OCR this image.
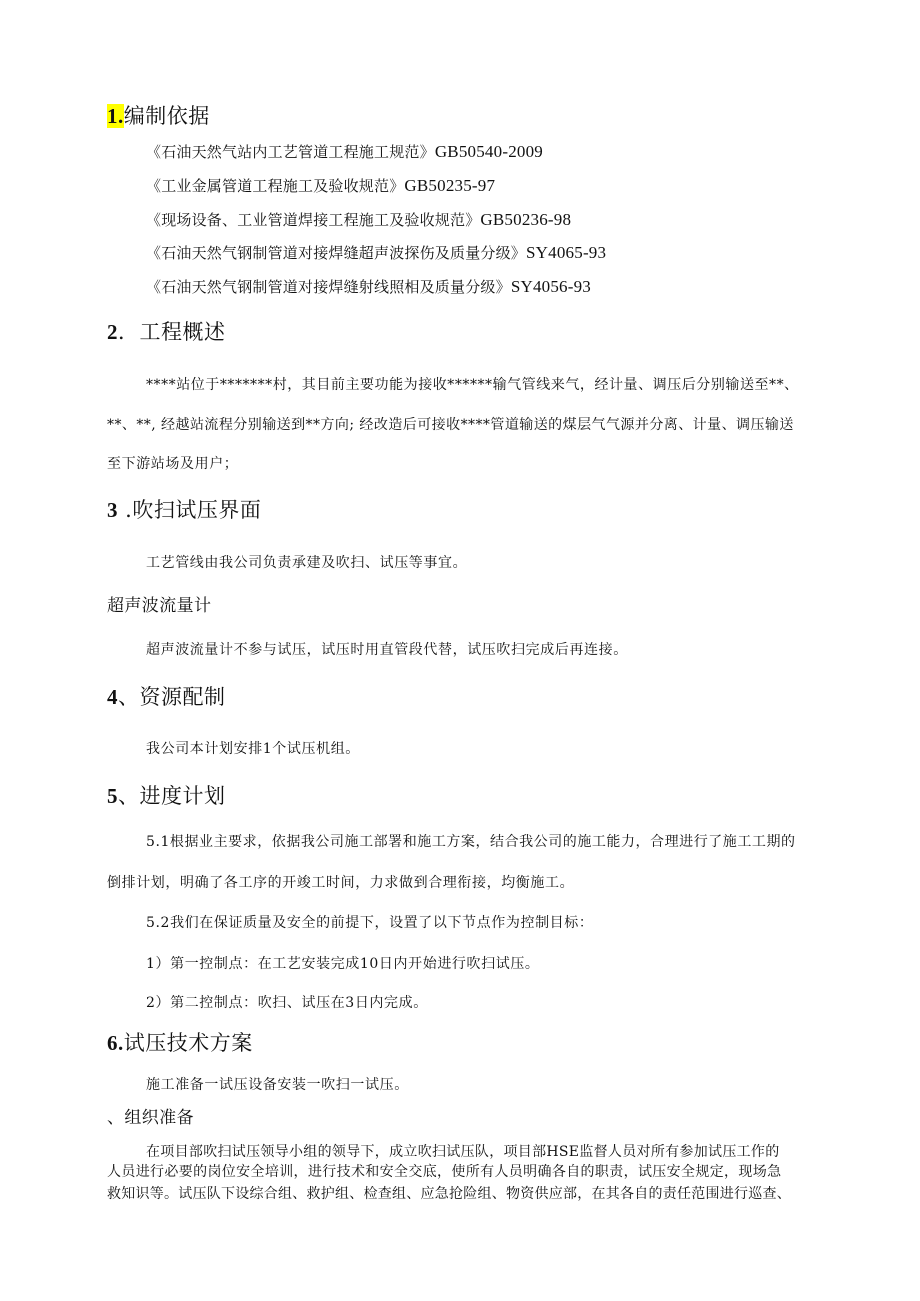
1.编制依据
《石油天然气站内工艺管道工程施工规范》GB50540-2009
《工业金属管道工程施工及验收规范》GB50235-97
《现场设备、工业管道焊接工程施工及验收规范》GB50236-98
《石油天然气钢制管道对接焊缝超声波探伤及质量分级》SY4065-93
《石油天然气钢制管道对接焊缝射线照相及质量分级》SY4056-93
2．工程概述
****站位于*******村，其目前主要功能为接收******输气管线来气，经计量、调压后分别输送至**、
**、**, 经越站流程分别输送到**方向; 经改造后可接收****管道输送的煤层气气源并分离、计量、调压输送
至下游站场及用户；
3 .吹扫试压界面
工艺管线由我公司负责承建及吹扫、试压等事宜。
超声波流量计
超声波流量计不参与试压，试压时用直管段代替，试压吹扫完成后再连接。
4、资源配制
我公司本计划安排1个试压机组。
5、进度计划
5.1根据业主要求，依据我公司施工部署和施工方案，结合我公司的施工能力，合理进行了施工工期的
倒排计划，明确了各工序的开竣工时间，力求做到合理衔接，均衡施工。
5.2我们在保证质量及安全的前提下，设置了以下节点作为控制目标：
1）第一控制点：在工艺安装完成10日内开始进行吹扫试压。
2）第二控制点：吹扫、试压在3日内完成。
6.试压技术方案
施工准备一试压设备安装一吹扫一试压。
、组织准备
在项目部吹扫试压领导小组的领导下，成立吹扫试压队，项目部HSE监督人员对所有参加试压工作的
人员进行必要的岗位安全培训，进行技术和安全交底，使所有人员明确各自的职责，试压安全规定，现场急
救知识等。试压队下设综合组、救护组、检查组、应急抢险组、物资供应部，在其各自的责任范围进行巡查、
